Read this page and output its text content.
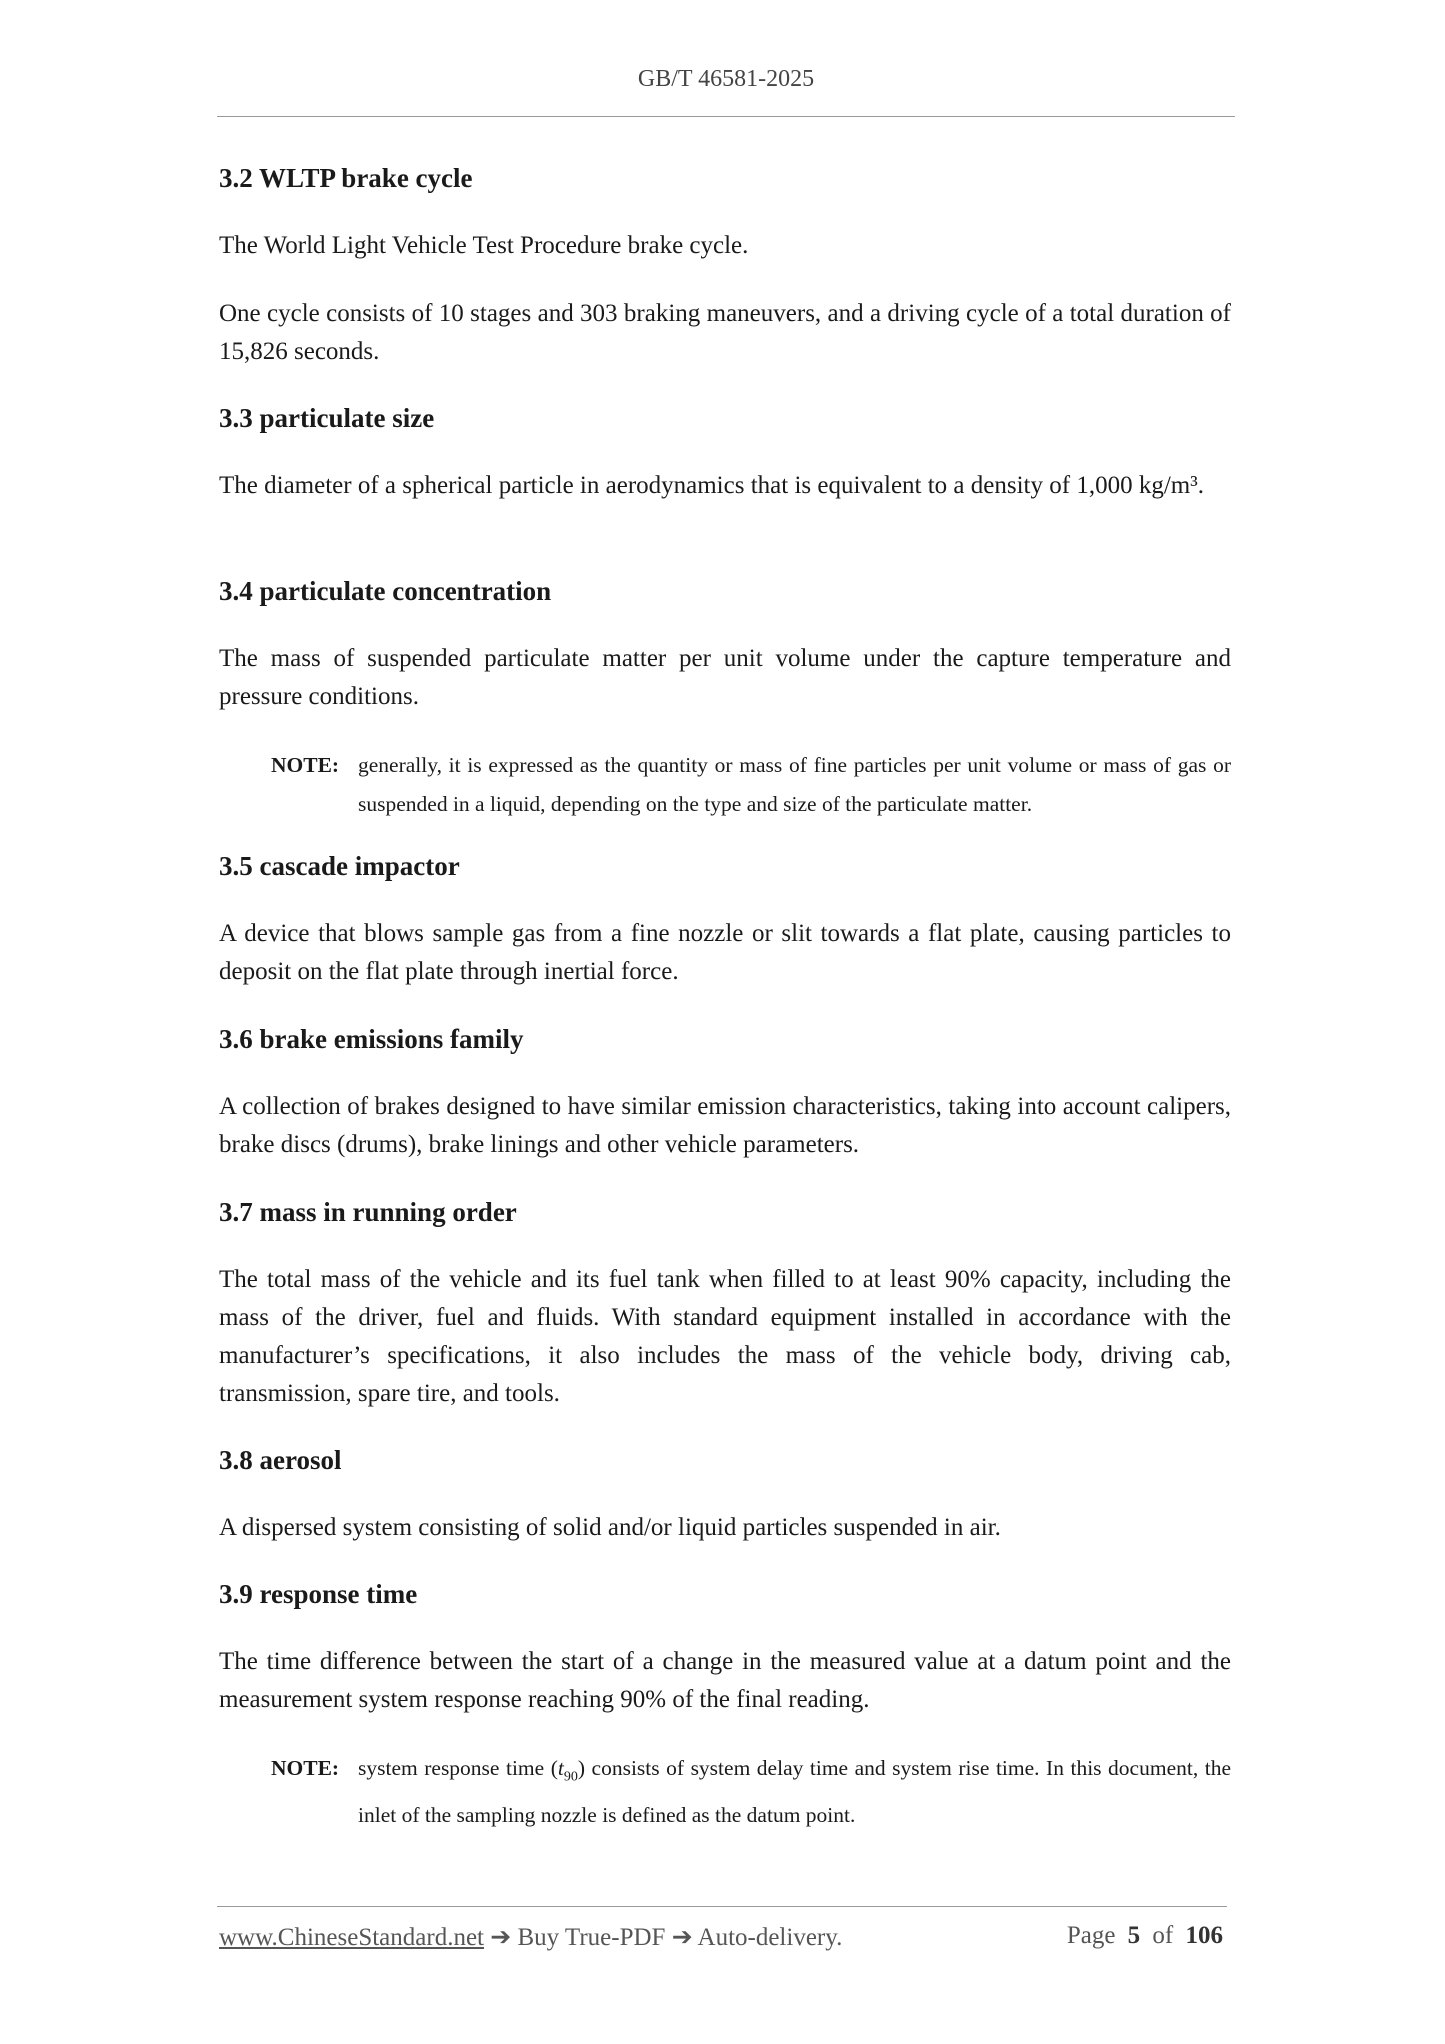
GB/T 46581-2025
3.2 WLTP brake cycle

The World Light Vehicle Test Procedure brake cycle.

One cycle consists of 10 stages and 303 braking maneuvers, and a driving cycle of a total duration of 15,826 seconds.

3.3 particulate size

The diameter of a spherical particle in aerodynamics that is equivalent to a density of 1,000 kg/m³.

3.4 particulate concentration

The mass of suspended particulate matter per unit volume under the capture temperature and pressure conditions.

NOTE: generally, it is expressed as the quantity or mass of fine particles per unit volume or mass of gas or suspended in a liquid, depending on the type and size of the particulate matter.
3.5 cascade impactor

A device that blows sample gas from a fine nozzle or slit towards a flat plate, causing particles to deposit on the flat plate through inertial force.

3.6 brake emissions family

A collection of brakes designed to have similar emission characteristics, taking into account calipers, brake discs (drums), brake linings and other vehicle parameters.

3.7 mass in running order

The total mass of the vehicle and its fuel tank when filled to at least 90% capacity, including the mass of the driver, fuel and fluids. With standard equipment installed in accordance with the manufacturer’s specifications, it also includes the mass of the vehicle body, driving cab, transmission, spare tire, and tools.

3.8 aerosol

A dispersed system consisting of solid and/or liquid particles suspended in air.

3.9 response time

The time difference between the start of a change in the measured value at a datum point and the measurement system response reaching 90% of the final reading.

NOTE: system response time $(t_{90})$ consists of system delay time and system rise time. In this document, the inlet of the sampling nozzle is defined as the datum point.
www.ChineseStandard.net ➔ Buy True-PDF ➔ Auto-delivery.	Page 5 of 106
